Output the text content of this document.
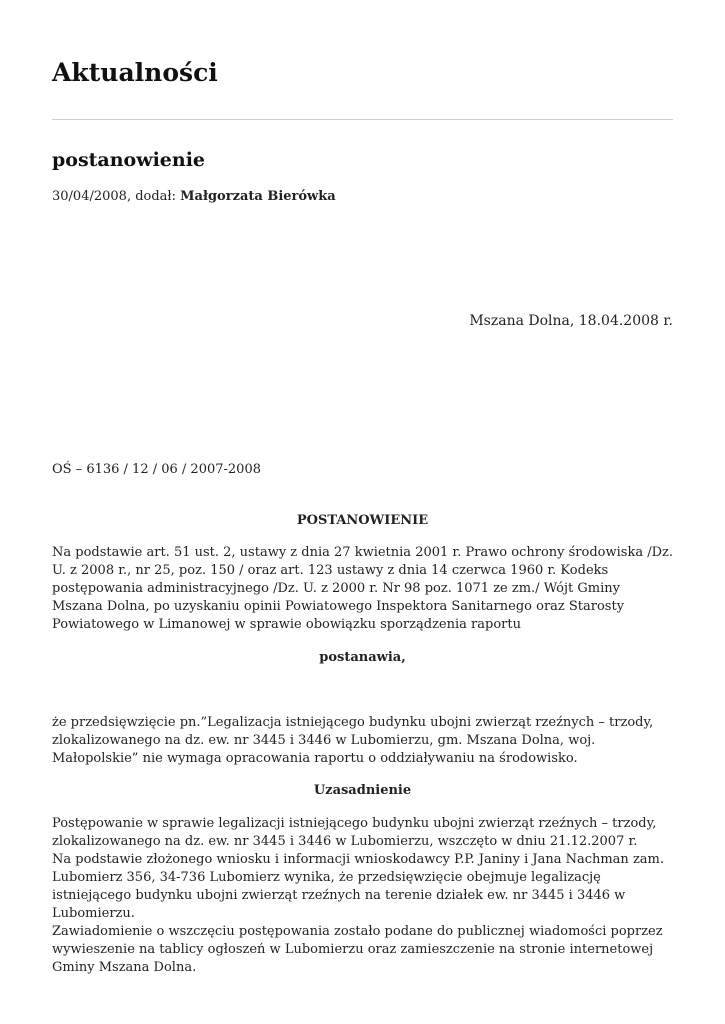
Aktualności
postanowienie
30/04/2008, dodał: Małgorzata Bierówka
Mszana Dolna, 18.04.2008 r.
OŚ – 6136 / 12 / 06 / 2007-2008
POSTANOWIENIE
Na podstawie art. 51 ust. 2, ustawy z dnia 27 kwietnia 2001 r. Prawo ochrony środowiska /Dz. U. z 2008 r., nr 25, poz. 150 / oraz art. 123 ustawy z dnia 14 czerwca 1960 r. Kodeks postępowania administracyjnego /Dz. U. z 2000 r. Nr 98 poz. 1071 ze zm./ Wójt Gminy Mszana Dolna, po uzyskaniu opinii Powiatowego Inspektora Sanitarnego oraz Starosty Powiatowego w Limanowej w sprawie obowiązku sporządzenia raportu
postanawia,
że przedsięwzięcie pn.”Legalizacja istniejącego budynku ubojni zwierząt rzeźnych – trzody, zlokalizowanego na dz. ew. nr 3445 i 3446 w Lubomierzu, gm. Mszana Dolna, woj. Małopolskie” nie wymaga opracowania raportu o oddziaływaniu na środowisko.
Uzasadnienie
Postępowanie w sprawie legalizacji istniejącego budynku ubojni zwierząt rzeźnych – trzody, zlokalizowanego na dz. ew. nr 3445 i 3446 w Lubomierzu, wszczęto w dniu 21.12.2007 r.
Na podstawie złożonego wniosku i informacji wnioskodawcy P.P. Janiny i Jana Nachman zam. Lubomierz 356, 34-736 Lubomierz wynika, że przedsięwzięcie obejmuje legalizację istniejącego budynku ubojni zwierząt rzeźnych na terenie działek ew. nr 3445 i 3446 w Lubomierzu.
Zawiadomienie o wszczęciu postępowania zostało podane do publicznej wiadomości poprzez wywieszenie na tablicy ogłoszeń w Lubomierzu oraz zamieszczenie na stronie internetowej Gminy Mszana Dolna.
